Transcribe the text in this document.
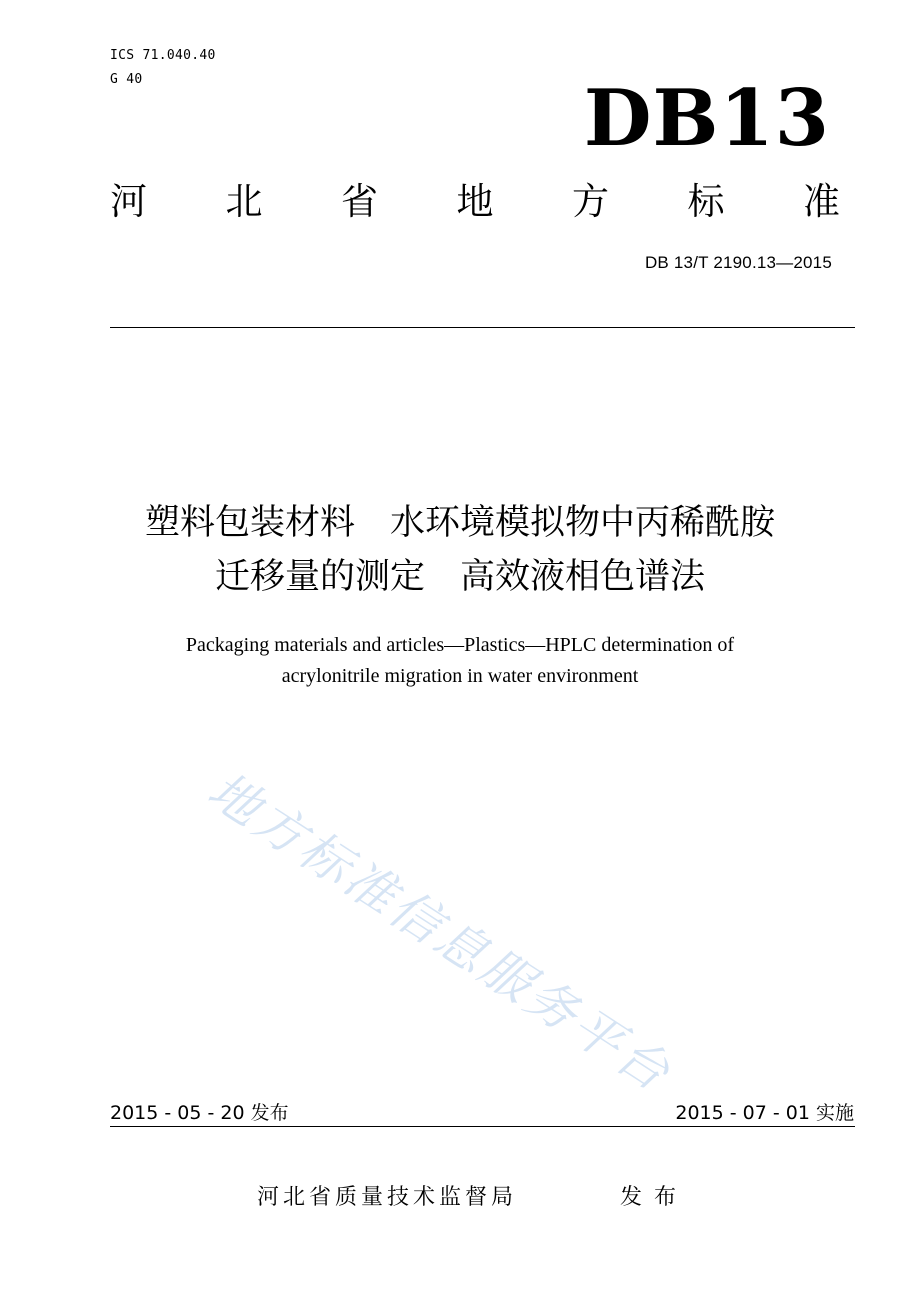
ICS 71.040.40
G 40	DB13
河 北 省 地 方 标 准
DB 13/T 2190.13—2015
塑料包装材料　水环境模拟物中丙稀酰胺
迁移量的测定　高效液相色谱法
Packaging materials and articles—Plastics—HPLC determination of
acrylonitrile migration in water environment
地方标准信息服务平台
2015 - 05 - 20 发布	2015 - 07 - 01 实施
河北省质量技术监督局	发布
